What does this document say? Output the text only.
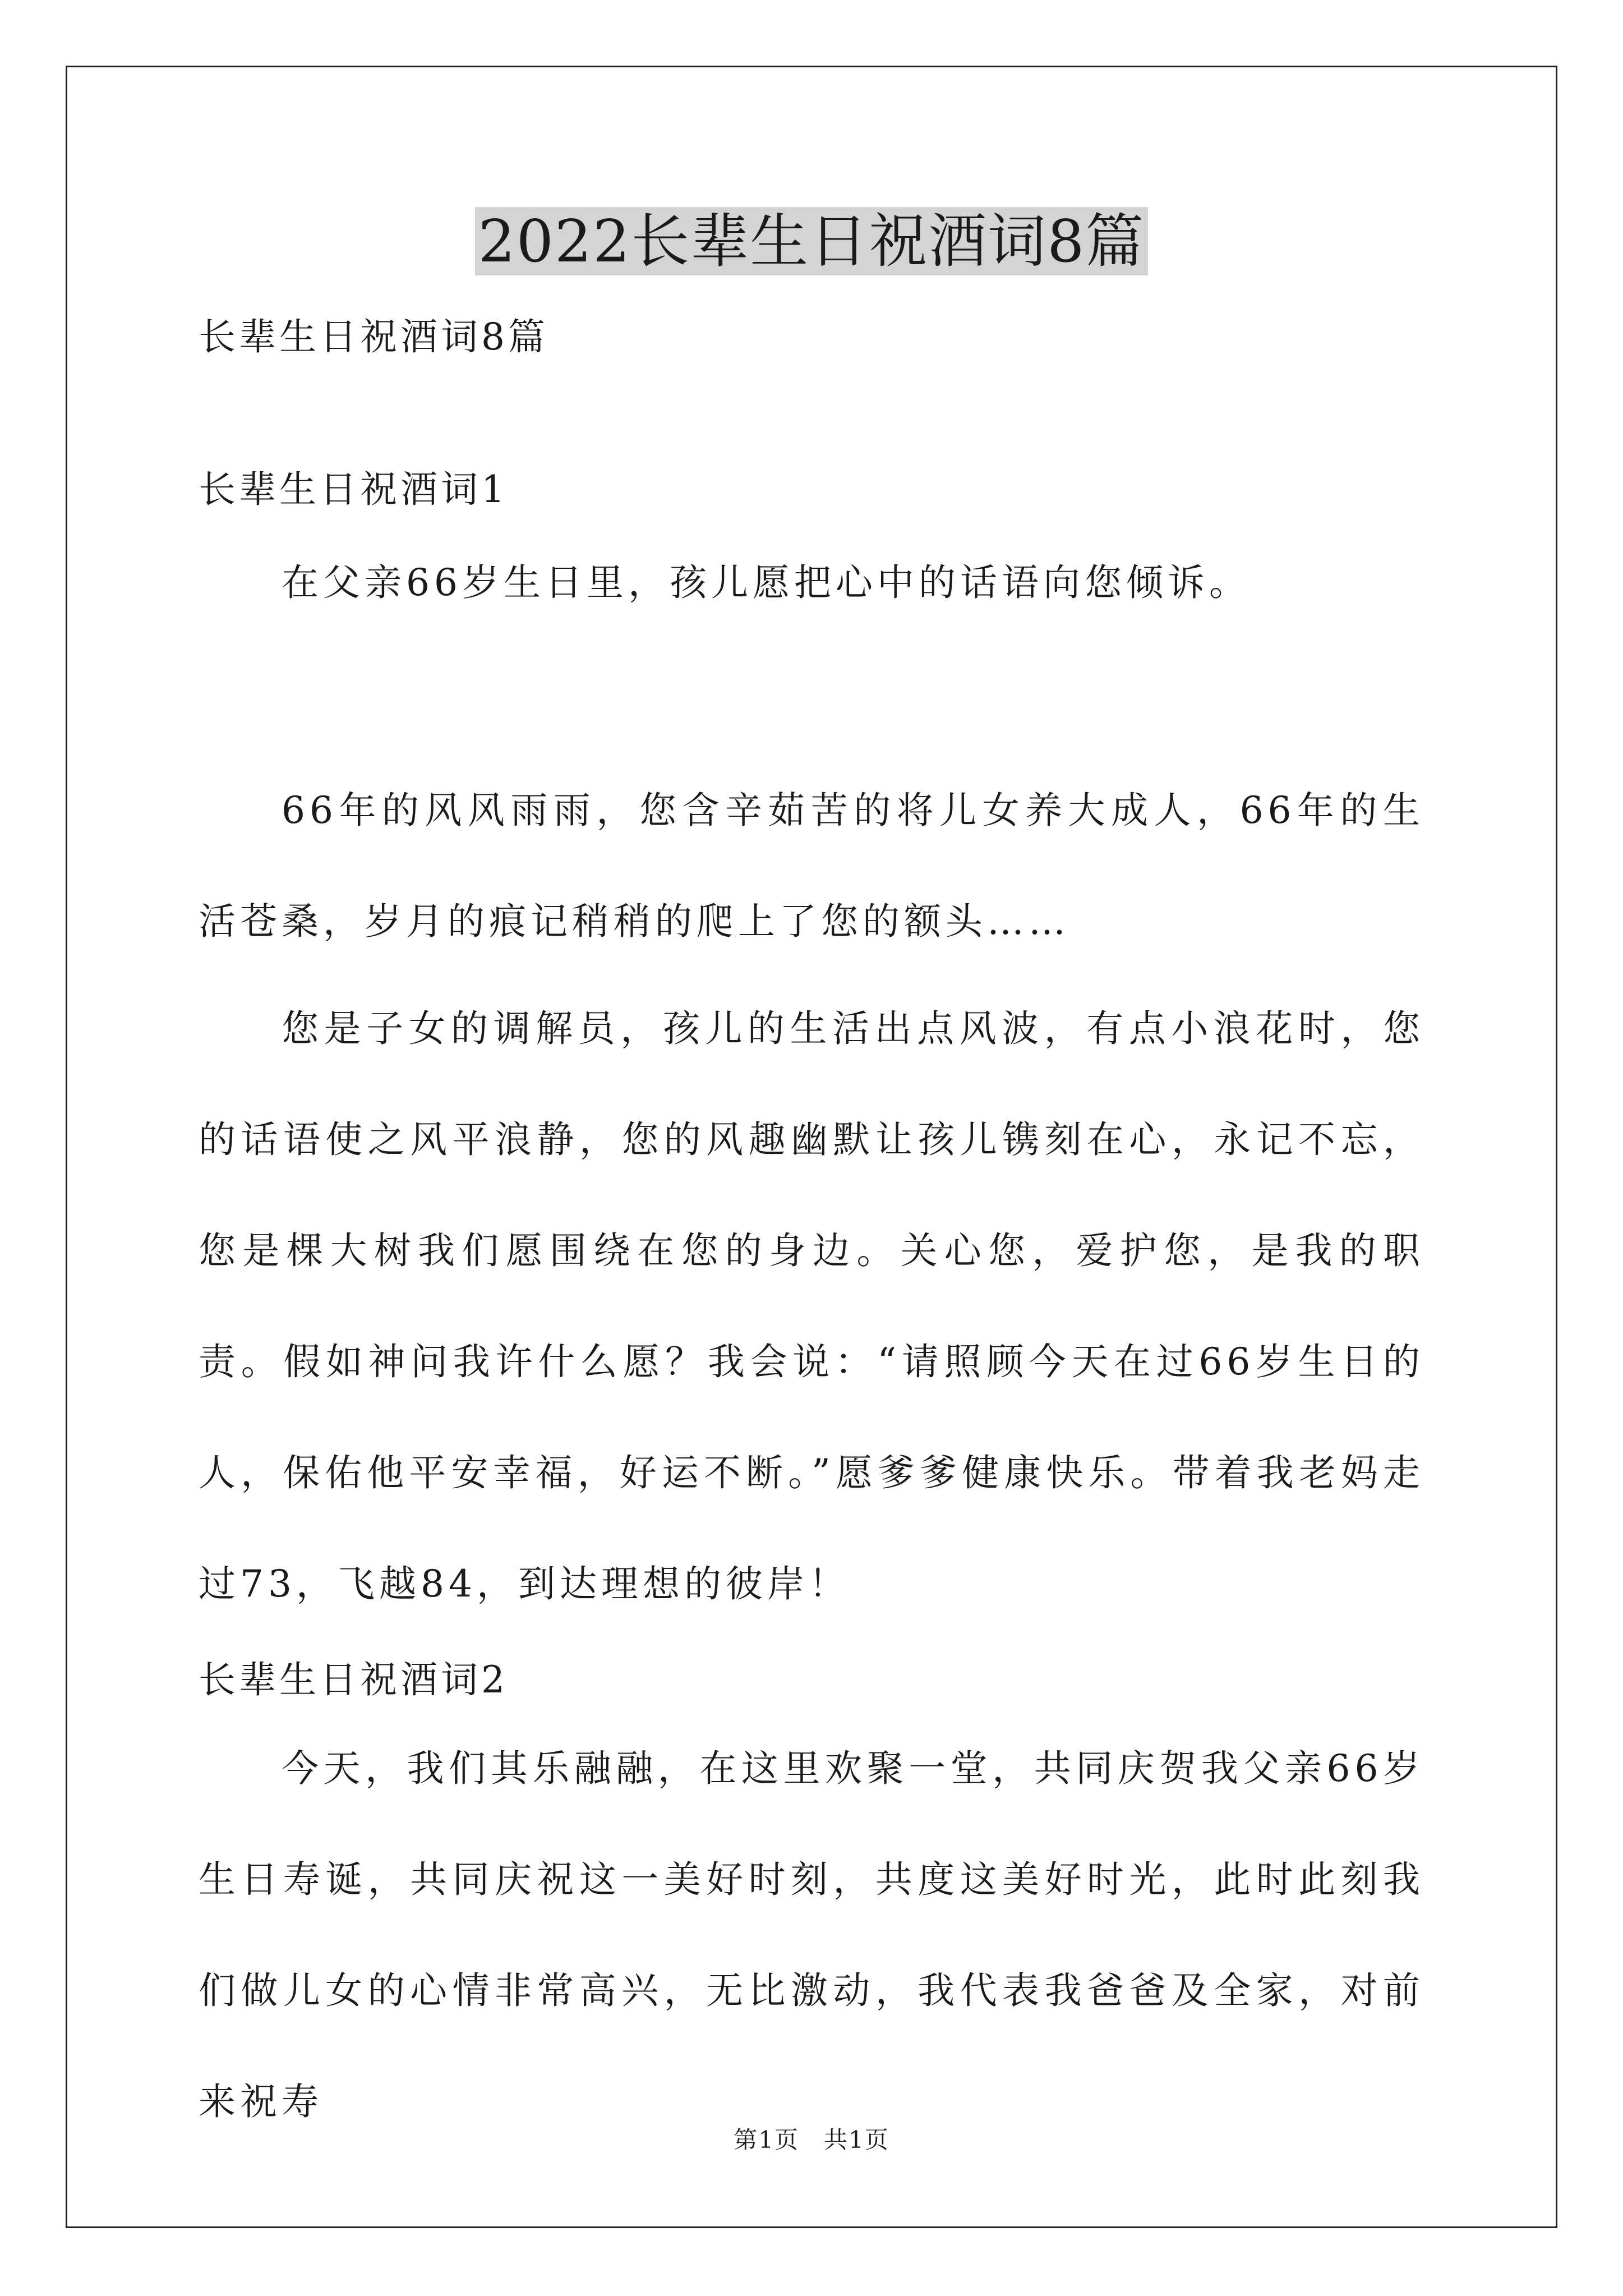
2022长辈生日祝酒词8篇
长辈生日祝酒词8篇
长辈生日祝酒词1
在父亲66岁生日里，孩儿愿把心中的话语向您倾诉。
66年的风风雨雨，您含辛茹苦的将儿女养大成人，66年的生活苍桑，岁月的痕记稍稍的爬上了您的额头……
您是子女的调解员，孩儿的生活出点风波，有点小浪花时，您的话语使之风平浪静，您的风趣幽默让孩儿镌刻在心，永记不忘，您是棵大树我们愿围绕在您的身边。关心您，爱护您，是我的职责。假如神问我许什么愿？我会说：“请照顾今天在过66岁生日的人，保佑他平安幸福，好运不断。”愿爹爹健康快乐。带着我老妈走过73，飞越84，到达理想的彼岸！
长辈生日祝酒词2
今天，我们其乐融融，在这里欢聚一堂，共同庆贺我父亲66岁生日寿诞，共同庆祝这一美好时刻，共度这美好时光，此时此刻我们做儿女的心情非常高兴，无比激动，我代表我爸爸及全家，对前来祝寿
第1页　共1页
